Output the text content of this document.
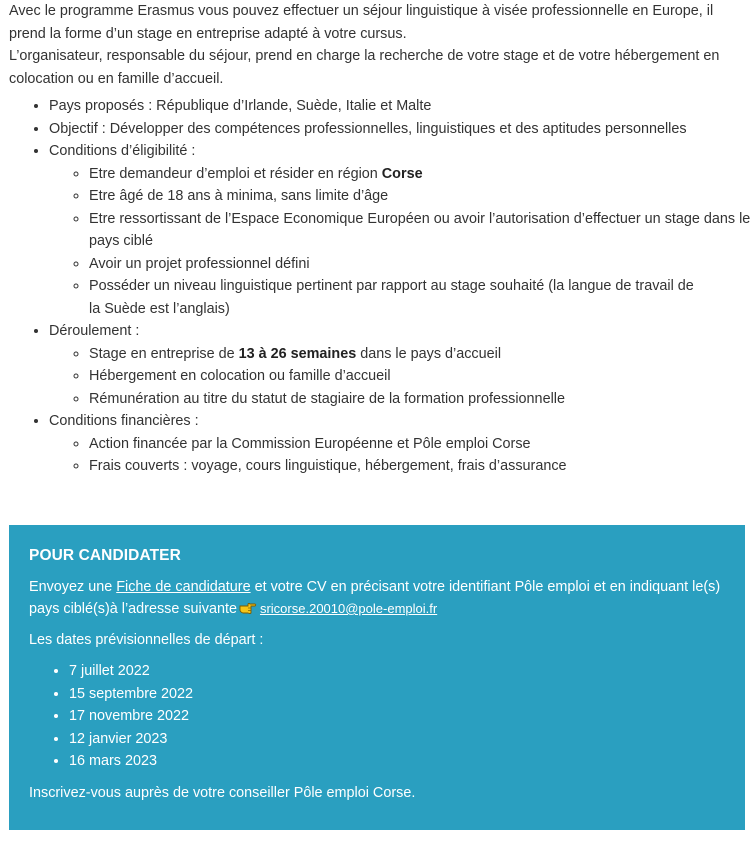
Avec le programme Erasmus vous pouvez effectuer un séjour linguistique à visée professionnelle en Europe, il prend la forme d’un stage en entreprise adapté à votre cursus.

L’organisateur, responsable du séjour, prend en charge la recherche de votre stage et de votre hébergement en colocation ou en famille d’accueil.

• Pays proposés : République d’Irlande, Suède, Italie et Malte
• Objectif : Développer des compétences professionnelles, linguistiques et des aptitudes personnelles
• Conditions d’éligibilité :
◦ Etre demandeur d’emploi et résider en région Corse
◦ Etre âgé de 18 ans à minima, sans limite d’âge
◦ Etre ressortissant de l’Espace Economique Européen ou avoir l’autorisation d’effectuer un stage dans le pays ciblé
◦ Avoir un projet professionnel défini
◦ Posséder un niveau linguistique pertinent par rapport au stage souhaité (la langue de travail de la Suède est l’anglais)
• Déroulement :
◦ Stage en entreprise de 13 à 26 semaines dans le pays d’accueil
◦ Hébergement en colocation ou famille d’accueil
◦ Rémunération au titre du statut de stagiaire de la formation professionnelle
• Conditions financières :
◦ Action financée par la Commission Européenne et Pôle emploi Corse
◦ Frais couverts : voyage, cours linguistique, hébergement, frais d’assurance
POUR CANDIDATER

Envoyez une Fiche de candidature et votre CV en précisant votre identifiant Pôle emploi et en indiquant le(s) pays ciblé(s)à l’adresse suivante sricorse.20010@pole-emploi.fr

Les dates prévisionnelles de départ :

• 7 juillet 2022
• 15 septembre 2022
• 17 novembre 2022
• 12 janvier 2023
• 16 mars 2023

Inscrivez-vous auprès de votre conseiller Pôle emploi Corse.
